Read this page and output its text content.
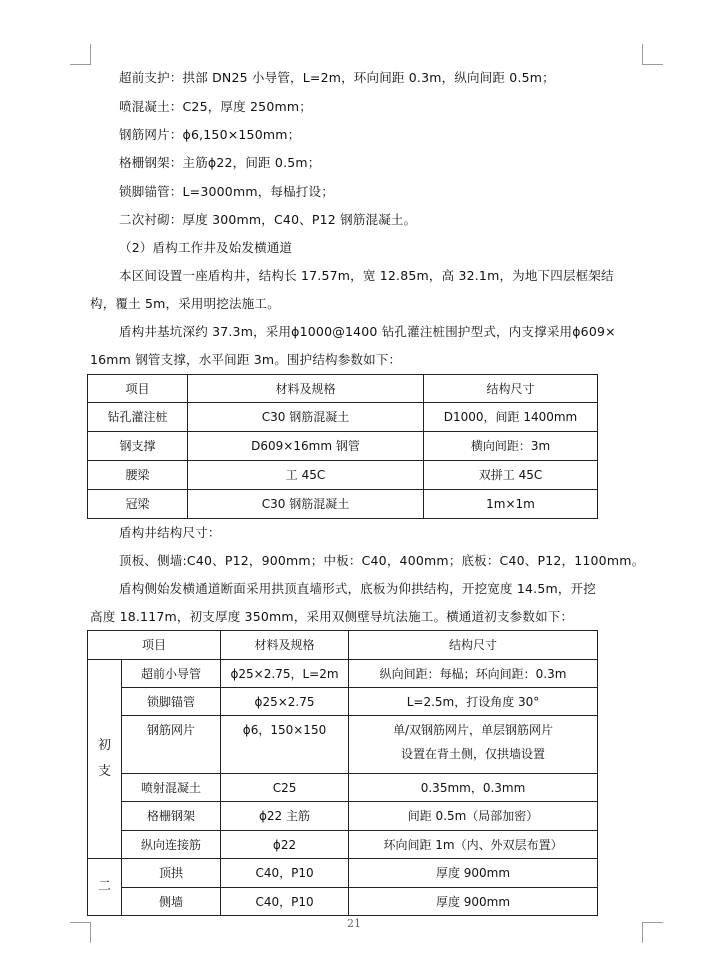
超前支护：拱部 DN25 小导管，L=2m，环向间距 0.3m，纵向间距 0.5m；
喷混凝土：C25，厚度 250mm；
钢筋网片：ϕ6,150×150mm；
格栅钢架：主筋ϕ22，间距 0.5m；
锁脚锚管：L=3000mm，每榀打设；
二次衬砌：厚度 300mm，C40、P12 钢筋混凝土。
（2）盾构工作井及始发横通道
本区间设置一座盾构井，结构长 17.57m，宽 12.85m，高 32.1m，为地下四层框架结
构，覆土 5m，采用明挖法施工。
盾构井基坑深约 37.3m，采用ϕ1000@1400 钻孔灌注桩围护型式，内支撑采用ϕ609×
16mm 钢管支撑，水平间距 3m。围护结构参数如下：
项目	材料及规格	结构尺寸
钻孔灌注桩	C30 钢筋混凝土	D1000，间距 1400mm
钢支撑	D609×16mm 钢管	横向间距：3m
腰梁	工 45C	双拼工 45C
冠梁	C30 钢筋混凝土	1m×1m
盾构井结构尺寸：
顶板、侧墙:C40、P12，900mm；中板：C40，400mm；底板：C40、P12，1100mm。
盾构侧始发横通道断面采用拱顶直墙形式，底板为仰拱结构，开挖宽度 14.5m，开挖
高度 18.117m，初支厚度 350mm，采用双侧壁导坑法施工。横通道初支参数如下：
项目		材料及规格	结构尺寸

初
支	超前小导管	ϕ25×2.75，L=2m	纵向间距：每榀；环向间距：0.3m
	锁脚锚管	ϕ25×2.75	L=2.5m，打设角度 30°
	钢筋网片	ϕ6，150×150	单/双钢筋网片，单层钢筋网片
设置在背土侧，仅拱墙设置

	喷射混凝土	C25	0.35mm，0.3mm
	格栅钢架	ϕ22 主筋	间距 0.5m（局部加密）
	纵向连接筋	ϕ22	环向间距 1m（内、外双层布置）
二	顶拱	C40，P10	厚度 900mm
	侧墙	C40，P10	厚度 900mm
21
